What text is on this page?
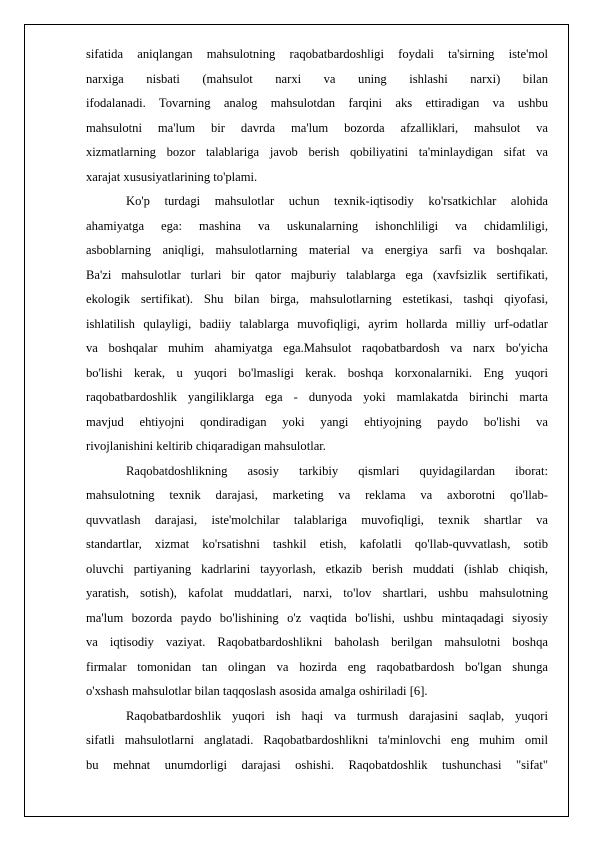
sifatida aniqlangan mahsulotning raqobatbardoshligi foydali ta'sirning iste'mol
narxiga nisbati (mahsulot narxi va uning ishlashi narxi) bilan
ifodalanadi. Tovarning analog mahsulotdan farqini aks ettiradigan va ushbu
mahsulotni ma'lum bir davrda ma'lum bozorda afzalliklari, mahsulot va
xizmatlarning bozor talablariga javob berish qobiliyatini ta'minlaydigan sifat va
xarajat xususiyatlarining to'plami.
Ko'p turdagi mahsulotlar uchun texnik-iqtisodiy ko'rsatkichlar alohida
ahamiyatga ega: mashina va uskunalarning ishonchliligi va chidamliligi,
asboblarning aniqligi, mahsulotlarning material va energiya sarfi va boshqalar.
Ba'zi mahsulotlar turlari bir qator majburiy talablarga ega (xavfsizlik sertifikati,
ekologik sertifikat). Shu bilan birga, mahsulotlarning estetikasi, tashqi qiyofasi,
ishlatilish qulayligi, badiiy talablarga muvofiqligi, ayrim hollarda milliy urf-odatlar
va boshqalar muhim ahamiyatga ega.Mahsulot raqobatbardosh va narx bo'yicha
bo'lishi kerak, u yuqori bo'lmasligi kerak. boshqa korxonalarniki. Eng yuqori
raqobatbardoshlik yangiliklarga ega - dunyoda yoki mamlakatda birinchi marta
mavjud ehtiyojni qondiradigan yoki yangi ehtiyojning paydo bo'lishi va
rivojlanishini keltirib chiqaradigan mahsulotlar.
Raqobatdoshlikning asosiy tarkibiy qismlari quyidagilardan iborat:
mahsulotning texnik darajasi, marketing va reklama va axborotni qo'llab-
quvvatlash darajasi, iste'molchilar talablariga muvofiqligi, texnik shartlar va
standartlar, xizmat ko'rsatishni tashkil etish, kafolatli qo'llab-quvvatlash, sotib
oluvchi partiyaning kadrlarini tayyorlash, etkazib berish muddati (ishlab chiqish,
yaratish, sotish), kafolat muddatlari, narxi, to'lov shartlari, ushbu mahsulotning
ma'lum bozorda paydo bo'lishining o'z vaqtida bo'lishi, ushbu mintaqadagi siyosiy
va iqtisodiy vaziyat. Raqobatbardoshlikni baholash berilgan mahsulotni boshqa
firmalar tomonidan tan olingan va hozirda eng raqobatbardosh bo'lgan shunga
o'xshash mahsulotlar bilan taqqoslash asosida amalga oshiriladi [6].
Raqobatbardoshlik yuqori ish haqi va turmush darajasini saqlab, yuqori
sifatli mahsulotlarni anglatadi. Raqobatbardoshlikni ta'minlovchi eng muhim omil
bu mehnat unumdorligi darajasi oshishi. Raqobatdoshlik tushunchasi "sifat"
